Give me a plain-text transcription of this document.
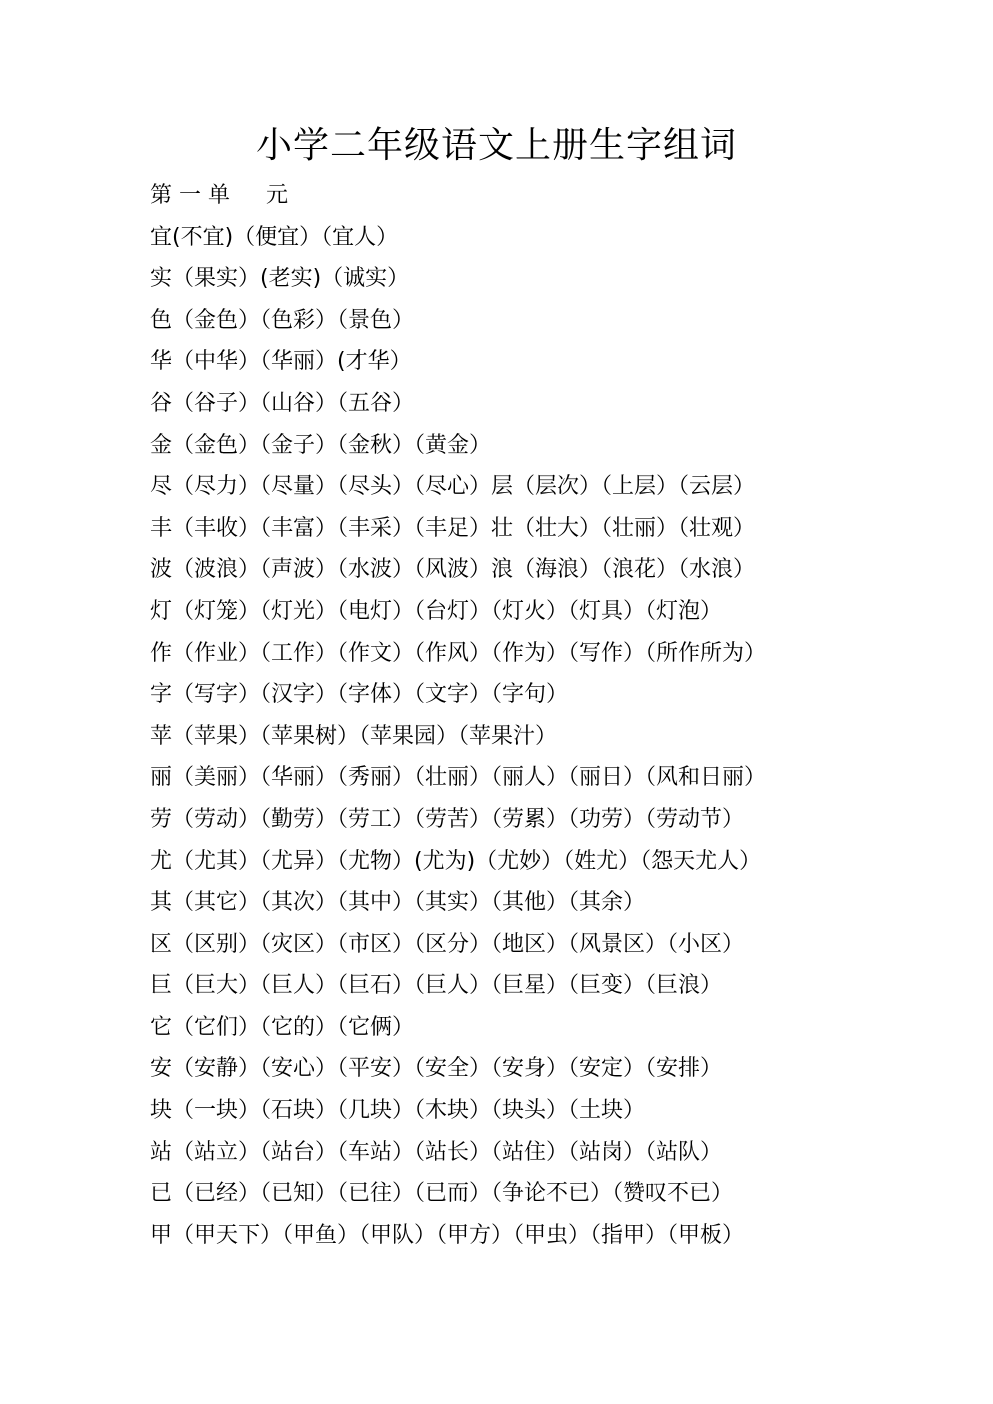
小学二年级语文上册生字组词
第 一 单 　 元
宜(不宜)（便宜）（宜人）
实（果实）(老实)（诚实）
色（金色）（色彩）（景色）
华（中华）（华丽）(才华）
谷（谷子）（山谷）（五谷）
金（金色）（金子）（金秋）（黄金）
尽（尽力）（尽量）（尽头）（尽心）层（层次）（上层）（云层）
丰（丰收）（丰富）（丰采）（丰足）壮（壮大）（壮丽）（壮观）
波（波浪）（声波）（水波）（风波）浪（海浪）（浪花）（水浪）
灯（灯笼）（灯光）（电灯）（台灯）（灯火）（灯具）（灯泡）
作（作业）（工作）（作文）（作风）（作为）（写作）（所作所为）
字（写字）（汉字）（字体）（文字）（字句）
苹（苹果）（苹果树）（苹果园）（苹果汁）
丽（美丽）（华丽）（秀丽）（壮丽）（丽人）（丽日）（风和日丽）
劳（劳动）（勤劳）（劳工）（劳苦）（劳累）（功劳）（劳动节）
尤（尤其）（尤异）（尤物）(尤为)（尤妙）（姓尤）（怨天尤人）
其（其它）（其次）（其中）（其实）（其他）（其余）
区（区别）（灾区）（市区）（区分）（地区）（风景区）（小区）
巨（巨大）（巨人）（巨石）（巨人）（巨星）（巨变）（巨浪）
它（它们）（它的）（它俩）
安（安静）（安心）（平安）（安全）（安身）（安定）（安排）
块（一块）（石块）（几块）（木块）（块头）（土块）
站（站立）（站台）（车站）（站长）（站住）（站岗）（站队）
已（已经）（已知）（已往）（已而）（争论不已）（赞叹不已）
甲（甲天下）（甲鱼）（甲队）（甲方）（甲虫）（指甲）（甲板）
